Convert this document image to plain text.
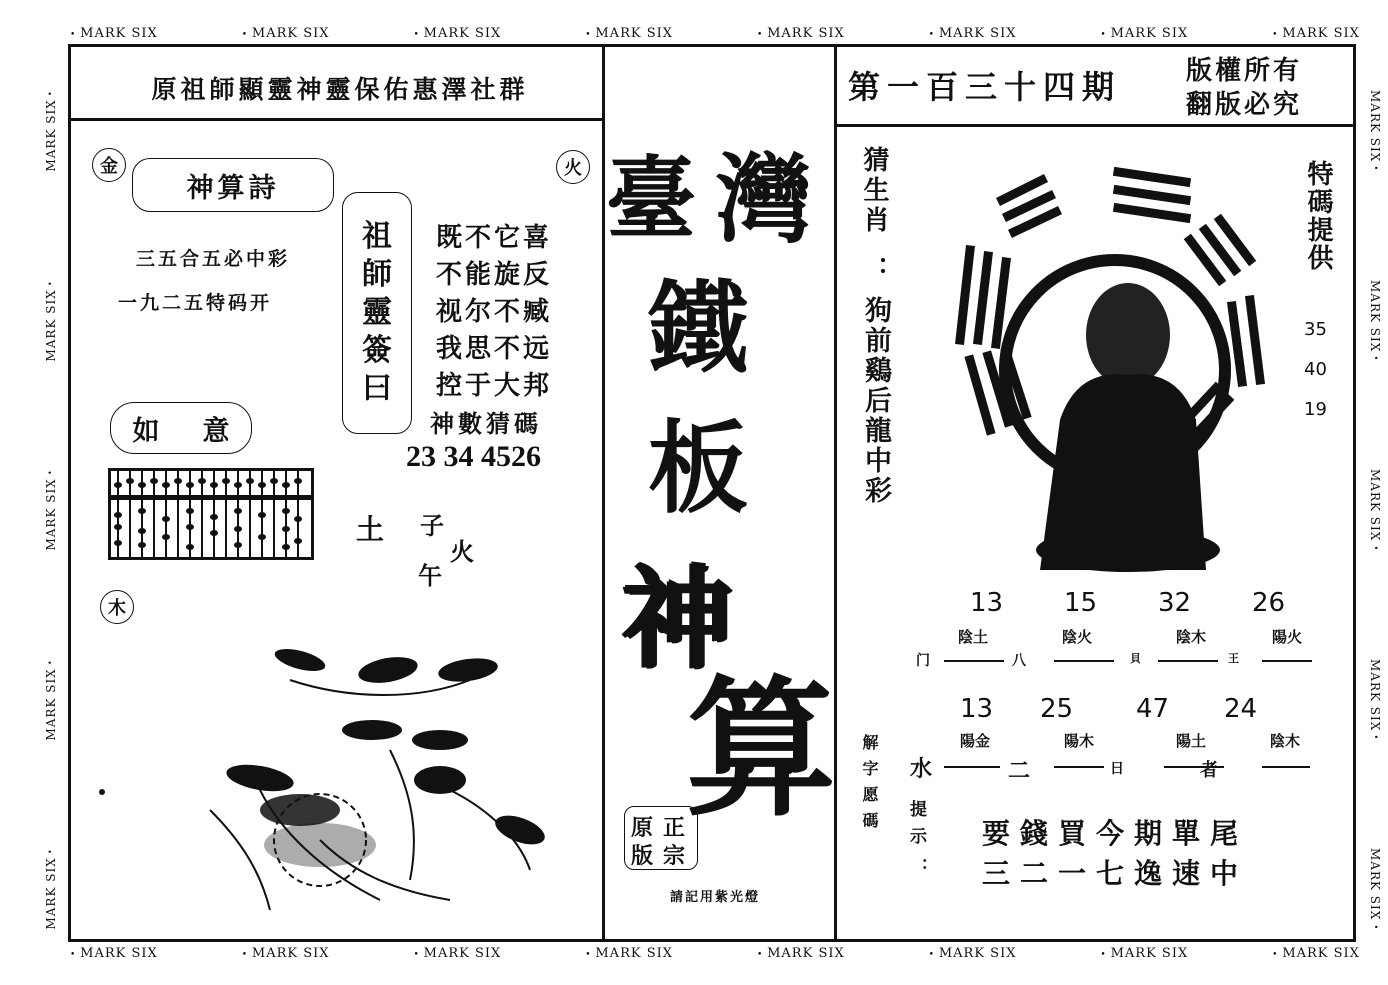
• MARK SIX	• MARK SIX	• MARK SIX	• MARK SIX	• MARK SIX	• MARK SIX	• MARK SIX	• MARK SIX
• MARK SIX	• MARK SIX	• MARK SIX	• MARK SIX	• MARK SIX	• MARK SIX	• MARK SIX	• MARK SIX
MARK SIX •
MARK SIX •
MARK SIX •
MARK SIX •
MARK SIX •
MARK SIX •
MARK SIX •
MARK SIX •
MARK SIX •
MARK SIX •
原祖師顯靈神靈保佑惠澤社群
金	火
木
神算詩
三五合五必中彩
一九二五特码开
祖
師
靈
簽
曰
既不它喜
不能旋反
视尔不臧
我思不远
控于大邦
神數猜碼
23 34 4526
如 意
土 子
火
午
臺 灣
鐵
板
神
算
原 正
版 宗
請記用紫光燈
第一百三十四期 版權所有
翻版必究
猜生肖
：
狗前鷄后龍中彩
特碼提供
35
40
19
13 15 32 26
陰土	陰火	陰木	陽火
门	八	貝	王
13 25 47 24
陽金	陽木	陽土	陰木
水	二	日	者
解字愿碼 提示
：
要錢買今期單尾
三二一七逸速中
